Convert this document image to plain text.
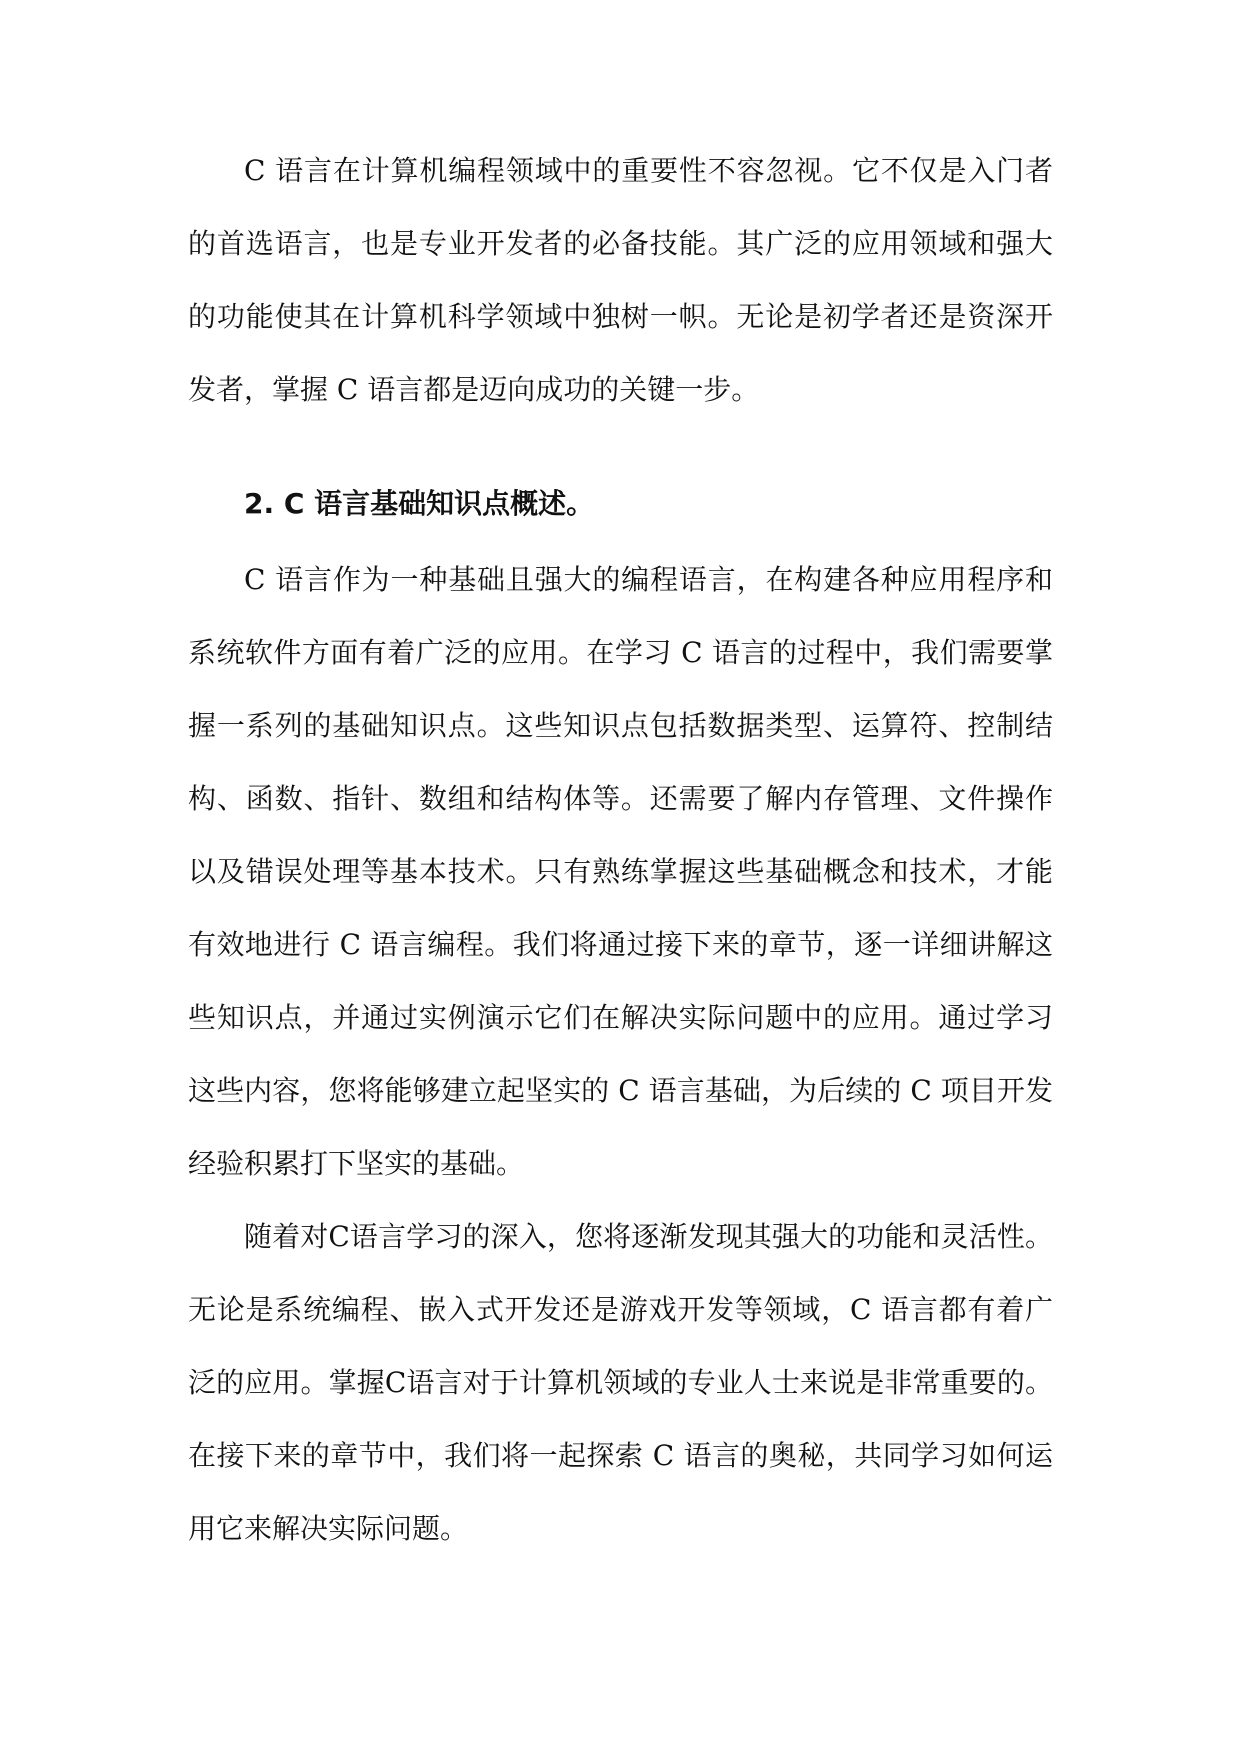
C 语言在计算机编程领域中的重要性不容忽视。它不仅是入门者
的首选语言，也是专业开发者的必备技能。其广泛的应用领域和强大
的功能使其在计算机科学领域中独树一帜。无论是初学者还是资深开
发者，掌握 C 语言都是迈向成功的关键一步。
2. C 语言基础知识点概述。
C 语言作为一种基础且强大的编程语言，在构建各种应用程序和
系统软件方面有着广泛的应用。在学习 C 语言的过程中，我们需要掌
握一系列的基础知识点。这些知识点包括数据类型、运算符、控制结
构、函数、指针、数组和结构体等。还需要了解内存管理、文件操作
以及错误处理等基本技术。只有熟练掌握这些基础概念和技术，才能
有效地进行 C 语言编程。我们将通过接下来的章节，逐一详细讲解这
些知识点，并通过实例演示它们在解决实际问题中的应用。通过学习
这些内容，您将能够建立起坚实的 C 语言基础，为后续的 C 项目开发
经验积累打下坚实的基础。
随着对C语言学习的深入，您将逐渐发现其强大的功能和灵活性。
无论是系统编程、嵌入式开发还是游戏开发等领域，C 语言都有着广
泛的应用。掌握C语言对于计算机领域的专业人士来说是非常重要的。
在接下来的章节中，我们将一起探索 C 语言的奥秘，共同学习如何运
用它来解决实际问题。
